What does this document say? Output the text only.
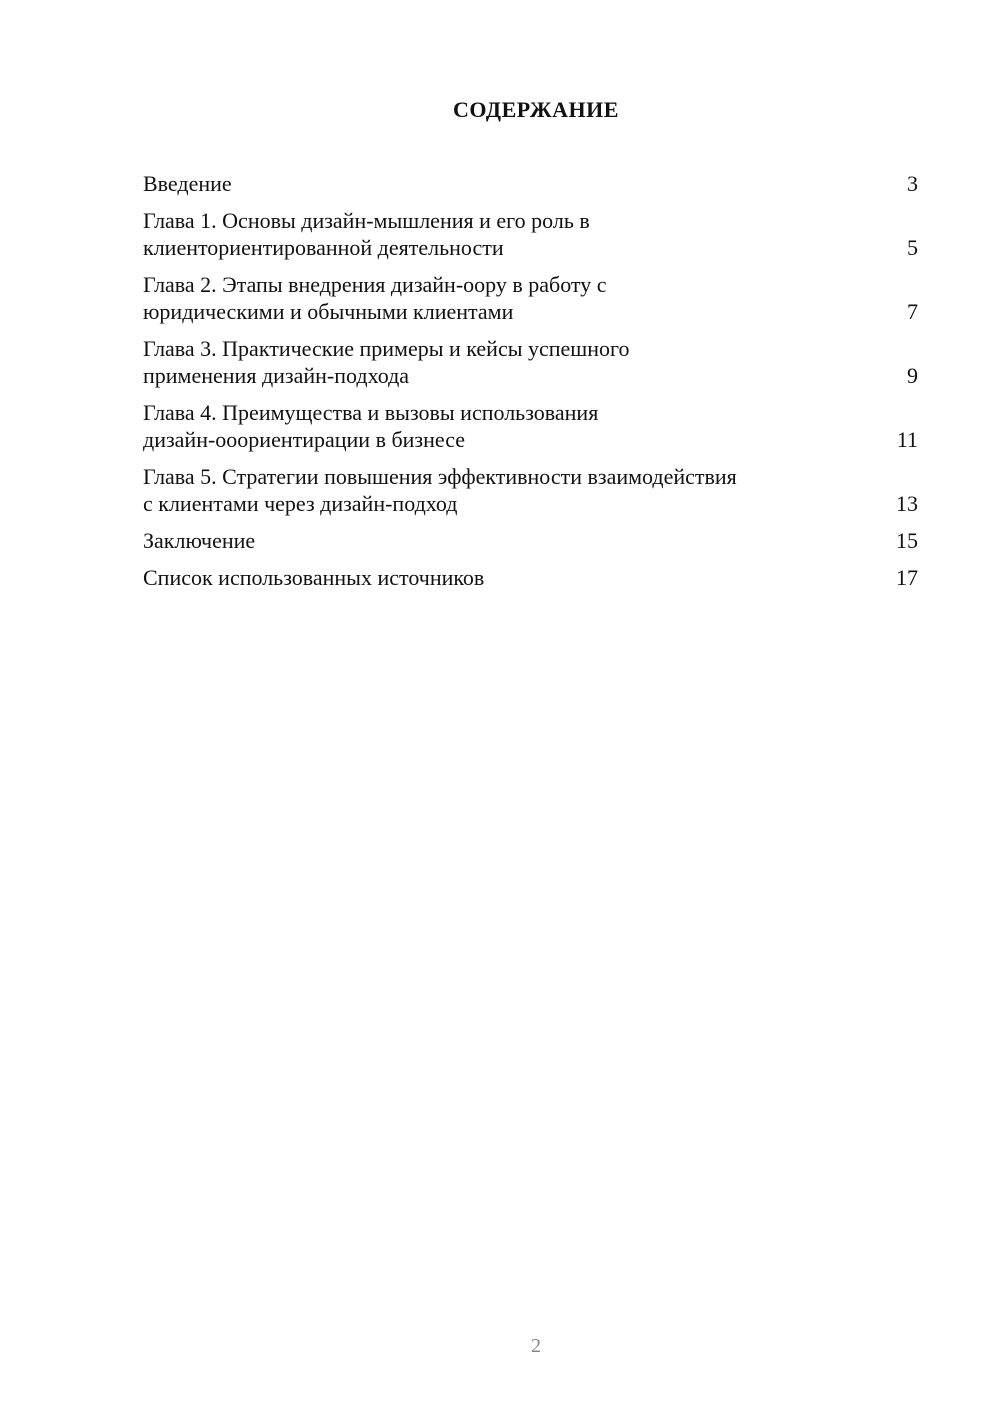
СОДЕРЖАНИЕ
Введение	3
Глава 1. Основы дизайн-мышления и его роль в
клиенториентированной деятельности	5
Глава 2. Этапы внедрения дизайн-оору в работу с
юридическими и обычными клиентами	7
Глава 3. Практические примеры и кейсы успешного
применения дизайн-подхода	9
Глава 4. Преимущества и вызовы использования
дизайн-ооориентирации в бизнесе	11
Глава 5. Стратегии повышения эффективности взаимодействия
с клиентами через дизайн-подход	13
Заключение	15
Список использованных источников	17
2
